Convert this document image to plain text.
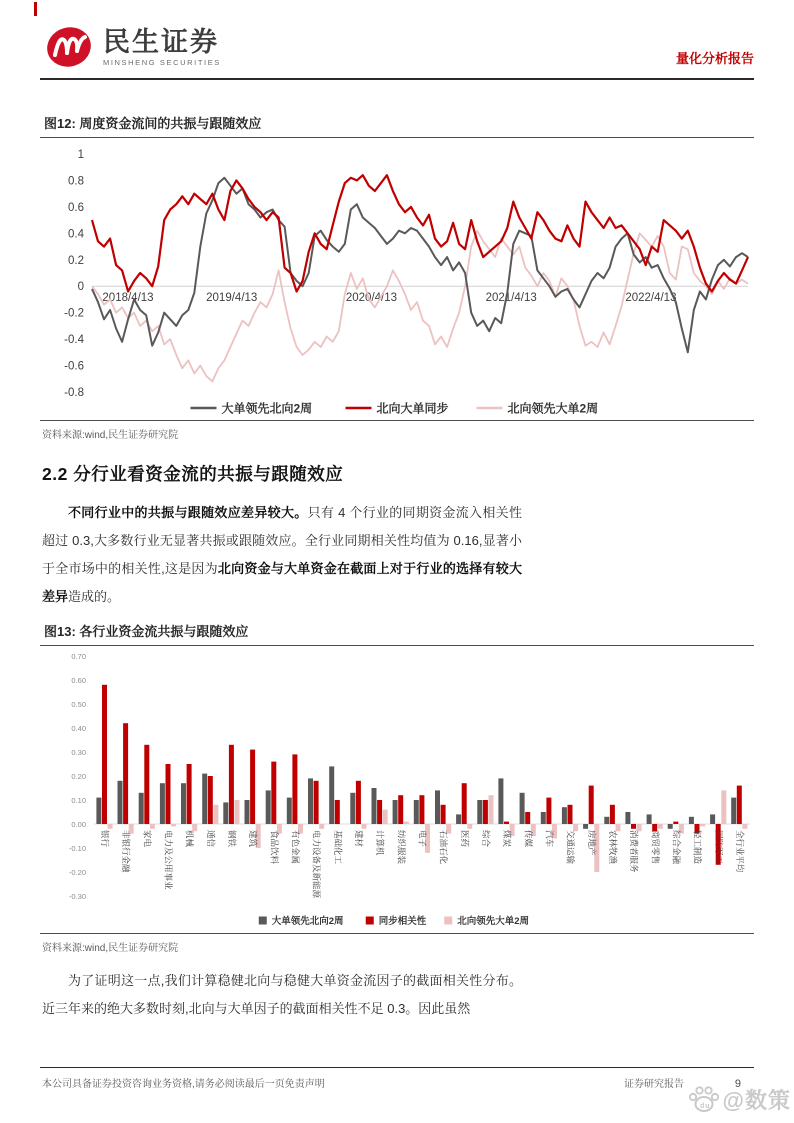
民生证券
MINSHENG SECURITIES	量化分析报告
图12: 周度资金流间的共振与跟随效应
1
0.8
0.6
0.4
0.2
0
-0.2
-0.4
-0.6
-0.8
2018/4/13	2019/4/13	2020/4/13	2021/4/13	2022/4/13
大单领先北向2周	北向大单同步	北向领先大单2周
资料来源:wind,民生证券研究院
2.2 分行业看资金流的共振与跟随效应

不同行业中的共振与跟随效应差异较大。只有 4 个行业的同期资金流入相关性超过 0.3,大多数行业无显著共振或跟随效应。全行业同期相关性均值为 0.16,显著小于全市场中的相关性,这是因为北向资金与大单资金在截面上对于行业的选择有较大差异造成的。

图13: 各行业资金流共振与跟随效应
0.70
0.60
0.50
0.40
0.30
0.20
0.10
0.00
-0.10
-0.20
-0.30
银行 非银行金融 家电 电力及公用事业 机械 通信 钢铁 建筑 食品饮料 有色金属 电力设备及新能源 基础化工 建材 计算机 纺织服装 电子 石油石化 医药 综合 煤炭 传媒 汽车 交通运输 房地产 农林牧渔 消费者服务 商贸零售 综合金融 轻工制造 国防军工 全行业平均
大单领先北向2周	同步相关性	北向领先大单2周
资料来源:wind,民生证券研究院

为了证明这一点,我们计算稳健北向与稳健大单资金流因子的截面相关性分布。近三年来的绝大多数时刻,北向与大单因子的截面相关性不足 0.3。因此虽然

本公司具备证券投资咨询业务资格,请务必阅读最后一页免责声明	证券研究报告	9
du @数策
